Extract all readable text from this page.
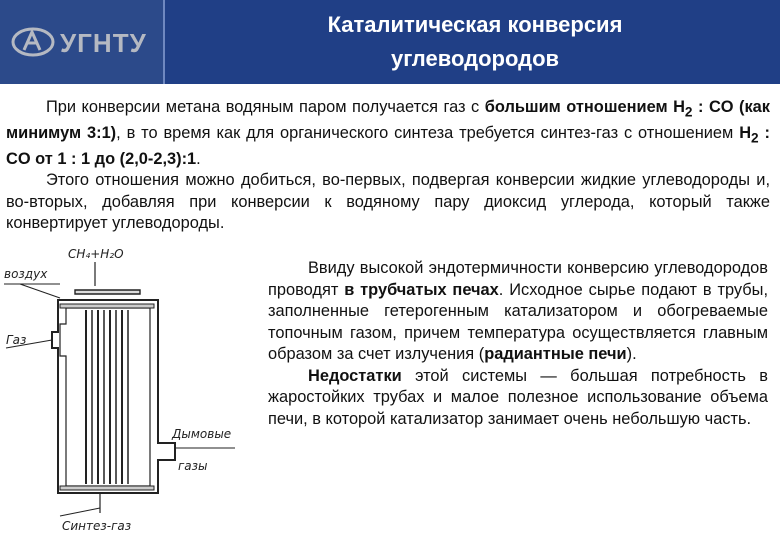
УГНТУ
Каталитическая конверсия
углеводородов
При конверсии метана водяным паром получается газ с большим отношением $H_2$ : CO (как минимум 3:1), в то время как для органического синтеза требуется синтез-газ с отношением $H_2$ : CO от 1 : 1 до (2,0-2,3):1.
Этого отношения можно добиться, во-первых, подвергая конверсии жидкие углеводороды и, во-вторых, добавляя при конверсии к водяному пару диоксид углерода, который также конвертирует углеводороды.
CH₄+H₂O
воздух
Газ
Дымовые
газы
Синтез-газ
Ввиду высокой эндотермичности конверсию углеводородов проводят в трубчатых печах. Исходное сырье подают в трубы, заполненные гетерогенным катализатором и обогреваемые топочным газом, причем температура осуществляется главным образом за счет излучения (радиантные печи).
Недостатки этой системы — большая потребность в жаростойких трубах и малое полезное использование объема печи, в которой катализатор занимает очень небольшую часть.
